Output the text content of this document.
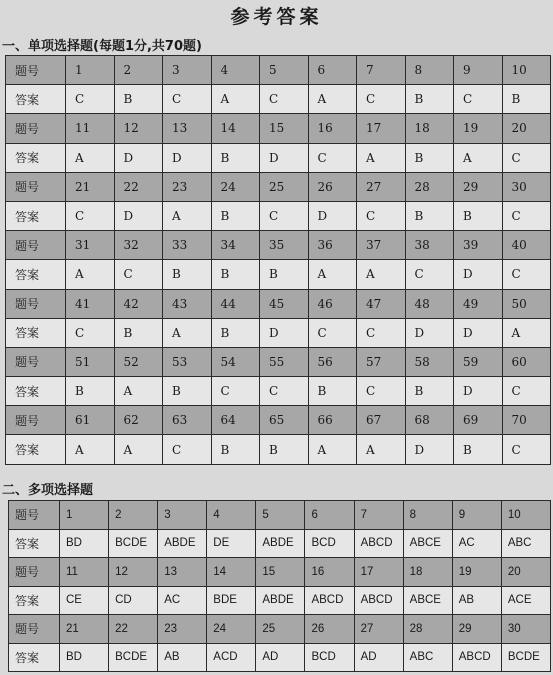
参考答案
一、单项选择题(每题1分,共70题)
题号	1	2	3	4	5	6	7	8	9	10
答案	C	B	C	A	C	A	C	B	C	B
题号	11	12	13	14	15	16	17	18	19	20
答案	A	D	D	B	D	C	A	B	A	C
题号	21	22	23	24	25	26	27	28	29	30
答案	C	D	A	B	C	D	C	B	B	C
题号	31	32	33	34	35	36	37	38	39	40
答案	A	C	B	B	B	A	A	C	D	C
题号	41	42	43	44	45	46	47	48	49	50
答案	C	B	A	B	D	C	C	D	D	A
题号	51	52	53	54	55	56	57	58	59	60
答案	B	A	B	C	C	B	C	B	D	C
题号	61	62	63	64	65	66	67	68	69	70
答案	A	A	C	B	B	A	A	D	B	C
二、多项选择题
题号	1	2	3	4	5	6	7	8	9	10
答案	BD	BCDE	ABDE	DE	ABDE	BCD	ABCD	ABCE	AC	ABC
题号	11	12	13	14	15	16	17	18	19	20
答案	CE	CD	AC	BDE	ABDE	ABCD	ABCD	ABCE	AB	ACE
题号	21	22	23	24	25	26	27	28	29	30
答案	BD	BCDE	AB	ACD	AD	BCD	AD	ABC	ABCD	BCDE
